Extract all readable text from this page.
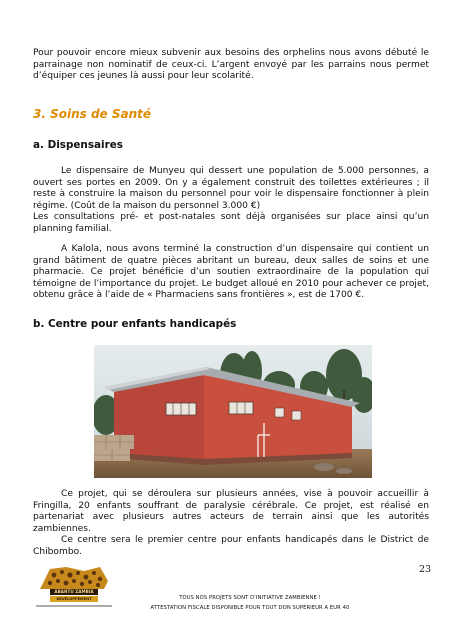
Pour pouvoir encore mieux subvenir aux besoins des orphelins nous avons débuté le parrainage non nominatif de ceux-ci. L’argent envoyé par les parrains nous permet d’équiper ces jeunes là aussi pour leur scolarité.

3. Soins de Santé
a. Dispensaires

Le dispensaire de Munyeu qui dessert une population de 5.000 personnes, a ouvert ses portes en 2009. On y a également construit des toilettes extérieures ; il reste à construire la maison du personnel pour voir le dispensaire fonctionner à plein régime. (Coût de la maison du personnel 3.000 €)

Les consultations pré- et post-natales sont déjà organisées sur place ainsi qu’un planning familial.

A Kalola, nous avons terminé la construction d’un dispensaire qui contient un grand bâtiment de quatre pièces abritant un bureau, deux salles de soins et une pharmacie. Ce projet bénéficie d’un soutien extraordinaire de la population qui témoigne de l’importance du projet. Le budget alloué en 2010 pour achever ce projet, obtenu grâce à l’aide de « Pharmaciens sans frontières », est de 1700 €.

b. Centre pour enfants handicapés

Ce projet, qui se déroulera sur plusieurs années, vise à pouvoir accueillir à Fringilla, 20 enfants souffrant de paralysie cérébrale. Ce projet, est réalisé en partenariat avec plusieurs autres acteurs de terrain ainsi que les autorités zambiennes.

Ce centre sera le premier centre pour enfants handicapés dans le District de Chibombo.

23
ABANTU ZAMBIA
DEVELOPPEMENT	TOUS NOS PROJETS SONT D’INITIATIVE ZAMBIENNE !

ATTESTATION FISCALE DISPONIBLE POUR TOUT DON SUPERIEUR A EUR 40
